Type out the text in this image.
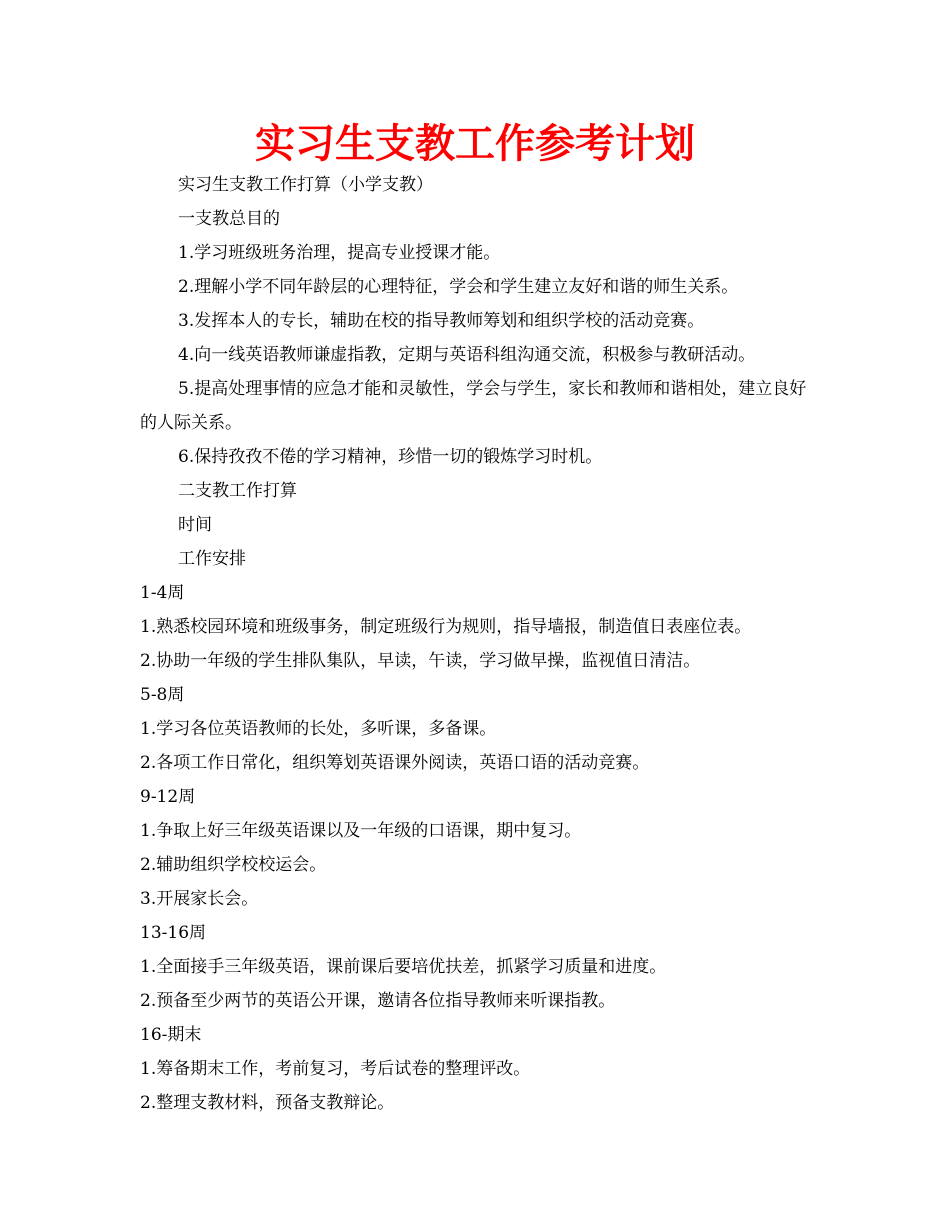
实习生支教工作参考计划

实习生支教工作打算（小学支教）

一支教总目的

1.学习班级班务治理，提高专业授课才能。

2.理解小学不同年龄层的心理特征，学会和学生建立友好和谐的师生关系。

3.发挥本人的专长，辅助在校的指导教师筹划和组织学校的活动竞赛。

4.向一线英语教师谦虚指教，定期与英语科组沟通交流，积极参与教研活动。

5.提高处理事情的应急才能和灵敏性，学会与学生，家长和教师和谐相处，建立良好的人际关系。

6.保持孜孜不倦的学习精神，珍惜一切的锻炼学习时机。

二支教工作打算

时间

工作安排

1-4周

1.熟悉校园环境和班级事务，制定班级行为规则，指导墙报，制造值日表座位表。

2.协助一年级的学生排队集队，早读，午读，学习做早操，监视值日清洁。

5-8周

1.学习各位英语教师的长处，多听课，多备课。

2.各项工作日常化，组织筹划英语课外阅读，英语口语的活动竞赛。

9-12周

1.争取上好三年级英语课以及一年级的口语课，期中复习。

2.辅助组织学校校运会。

3.开展家长会。

13-16周

1.全面接手三年级英语，课前课后要培优扶差，抓紧学习质量和进度。

2.预备至少两节的英语公开课，邀请各位指导教师来听课指教。

16-期末

1.筹备期末工作，考前复习，考后试卷的整理评改。

2.整理支教材料，预备支教辩论。
